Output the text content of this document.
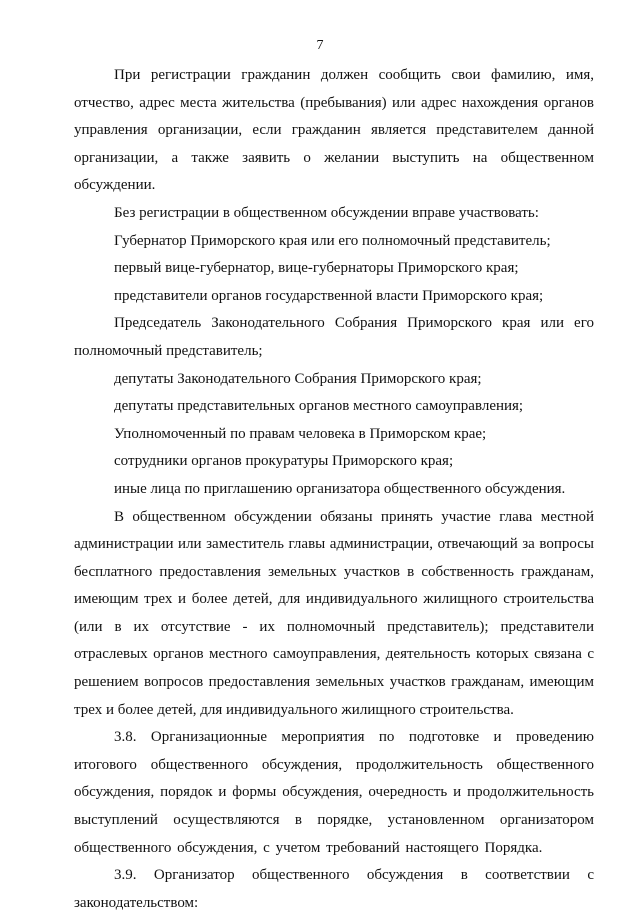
7

При регистрации гражданин должен сообщить свои фамилию, имя, отчество, адрес места жительства (пребывания) или адрес нахождения органов управления организации, если гражданин является представителем данной организации, а также заявить о желании выступить на общественном обсуждении.

Без регистрации в общественном обсуждении вправе участвовать:

Губернатор Приморского края или его полномочный представитель;

первый вице-губернатор, вице-губернаторы Приморского края;

представители органов государственной власти Приморского края;

Председатель Законодательного Собрания Приморского края или его полномочный представитель;

депутаты Законодательного Собрания Приморского края;

депутаты представительных органов местного самоуправления;

Уполномоченный по правам человека в Приморском крае;

сотрудники органов прокуратуры Приморского края;

иные лица по приглашению организатора общественного обсуждения.

В общественном обсуждении обязаны принять участие глава местной администрации или заместитель главы администрации, отвечающий за вопросы бесплатного предоставления земельных участков в собственность гражданам, имеющим трех и более детей, для индивидуального жилищного строительства (или в их отсутствие - их полномочный представитель); представители отраслевых органов местного самоуправления, деятельность которых связана с решением вопросов предоставления земельных участков гражданам, имеющим трех и более детей, для индивидуального жилищного строительства.

3.8. Организационные мероприятия по подготовке и проведению итогового общественного обсуждения, продолжительность общественного обсуждения, порядок и формы обсуждения, очередность и продолжительность выступлений осуществляются в порядке, установленном организатором общественного обсуждения, с учетом требований настоящего Порядка.

3.9. Организатор общественного обсуждения в соответствии с законодательством:
